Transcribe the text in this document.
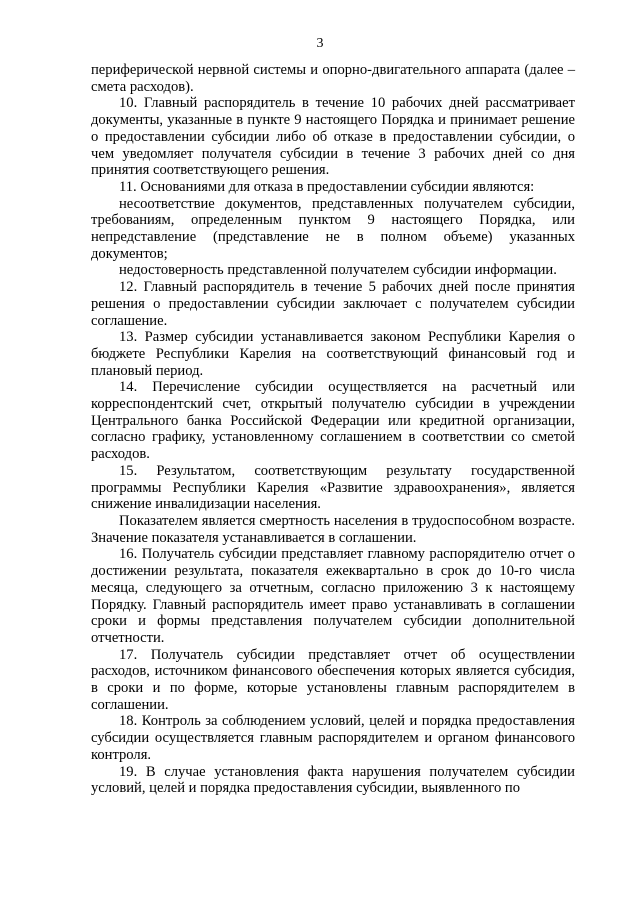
3

периферической нервной системы и опорно-двигательного аппарата (далее – смета расходов).

10. Главный распорядитель в течение 10 рабочих дней рассматривает документы, указанные в пункте 9 настоящего Порядка и принимает решение о предоставлении субсидии либо об отказе в предоставлении субсидии, о чем уведомляет получателя субсидии в течение 3 рабочих дней со дня принятия соответствующего решения.

11. Основаниями для отказа в предоставлении субсидии являются:

несоответствие документов, представленных получателем субсидии, требованиям, определенным пунктом 9 настоящего Порядка, или непредставление (представление не в полном объеме) указанных документов;

недостоверность представленной получателем субсидии информации.

12. Главный распорядитель в течение 5 рабочих дней после принятия решения о предоставлении субсидии заключает с получателем субсидии соглашение.

13. Размер субсидии устанавливается законом Республики Карелия о бюджете Республики Карелия на соответствующий финансовый год и плановый период.

14. Перечисление субсидии осуществляется на расчетный или корреспондентский счет, открытый получателю субсидии в учреждении Центрального банка Российской Федерации или кредитной организации, согласно графику, установленному соглашением в соответствии со сметой расходов.

15. Результатом, соответствующим результату государственной программы Республики Карелия «Развитие здравоохранения», является снижение инвалидизации населения.

Показателем является смертность населения в трудоспособном возрасте. Значение показателя устанавливается в соглашении.

16. Получатель субсидии представляет главному распорядителю отчет о достижении результата, показателя ежеквартально в срок до 10-го числа месяца, следующего за отчетным, согласно приложению 3 к настоящему Порядку. Главный распорядитель имеет право устанавливать в соглашении сроки и формы представления получателем субсидии дополнительной отчетности.

17. Получатель субсидии представляет отчет об осуществлении расходов, источником финансового обеспечения которых является субсидия, в сроки и по форме, которые установлены главным распорядителем в соглашении.

18. Контроль за соблюдением условий, целей и порядка предоставления субсидии осуществляется главным распорядителем и органом финансового контроля.

19. В случае установления факта нарушения получателем субсидии условий, целей и порядка предоставления субсидии, выявленного по
